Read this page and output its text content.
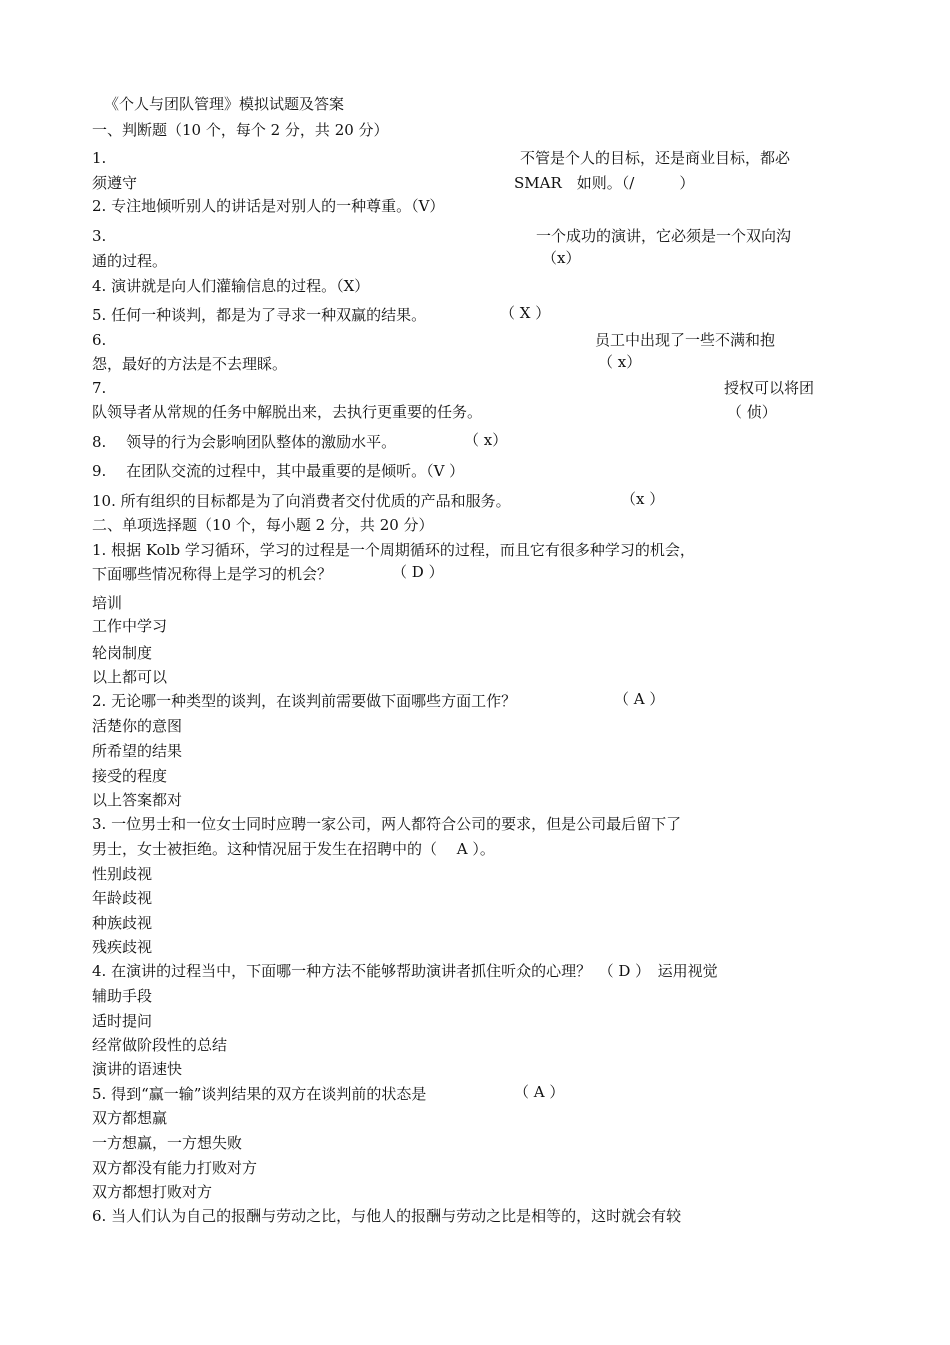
《个人与团队管理》模拟试题及答案
一、判断题（10 个，每个 2 分，共 20 分）
1.	不管是个人的目标，还是商业目标，都必
须遵守	SMAR　如则。（/　　　）
2. 专注地倾听别人的讲话是对别人的一种尊重。（V）
3.	一个成功的演讲，它必须是一个双向沟
通的过程。	（x）
4. 演讲就是向人们灌输信息的过程。（X）
5. 任何一种谈判，都是为了寻求一种双赢的结果。	（ X ）
6.	员工中出现了一些不满和抱
怨，最好的方法是不去理睬。	（ x）
7.	授权可以将团
队领导者从常规的任务中解脱出来，去执行更重要的任务。	（ 侦）
8.　 领导的行为会影响团队整体的激励水平。	（ x）
9.　 在团队交流的过程中，其中最重要的是倾听。（V ）
10. 所有组织的目标都是为了向消费者交付优质的产品和服务。	（x ）
二、单项选择题（10 个，每小题 2 分，共 20 分）
1. 根据 Kolb 学习循环，学习的过程是一个周期循环的过程，而且它有很多种学习的机会，
下面哪些情况称得上是学习的机会？	（ D ）
培训
工作中学习
轮岗制度
以上都可以
2. 无论哪一种类型的谈判，在谈判前需要做下面哪些方面工作？	（ A ）
活楚你的意图
所希望的结果
接受的程度
以上答案都对
3. 一位男士和一位女士同时应聘一家公司，两人都符合公司的要求，但是公司最后留下了
男士，女士被拒绝。这种情况屈于发生在招聘中的（　 A ）。
性别歧视
年龄歧视
种族歧视
残疾歧视
4. 在演讲的过程当中，下面哪一种方法不能够帮助演讲者抓住听众的心理？　（ D ）　运用视觉
辅助手段
适时提问
经常做阶段性的总结
演讲的语速快
5. 得到“赢一输”谈判结果的双方在谈判前的状态是	（ A ）
双方都想赢
一方想赢，一方想失败
双方都没有能力打败对方
双方都想打败对方
6. 当人们认为自己的报酬与劳动之比，与他人的报酬与劳动之比是相等的，这时就会有较
